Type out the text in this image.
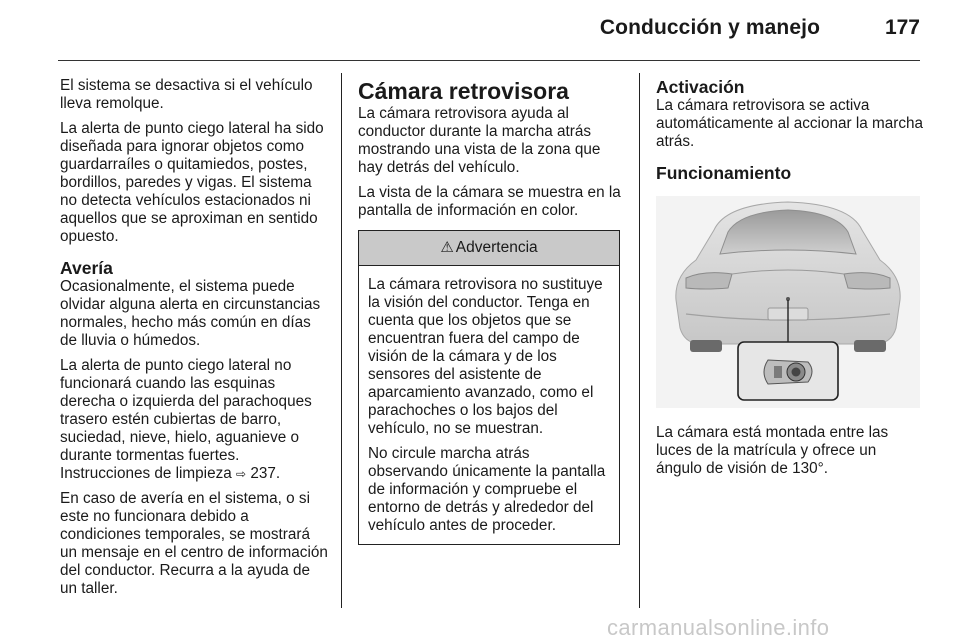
Conducción y manejo	177

El sistema se desactiva si el vehículo lleva remolque.

La alerta de punto ciego lateral ha sido diseñada para ignorar objetos como guardarraíles o quitamiedos, postes, bordillos, paredes y vigas. El sistema no detecta vehículos estacionados ni aquellos que se aproximan en sentido opuesto.

Avería

Ocasionalmente, el sistema puede olvidar alguna alerta en circunstancias normales, hecho más común en días de lluvia o húmedos.

La alerta de punto ciego lateral no funcionará cuando las esquinas derecha o izquierda del parachoques trasero estén cubiertas de barro, suciedad, nieve, hielo, aguanieve o durante tormentas fuertes. Instrucciones de limpieza ⇨ 237.

En caso de avería en el sistema, o si este no funcionara debido a condiciones temporales, se mostrará un mensaje en el centro de información del conductor. Recurra a la ayuda de un taller.

Cámara retrovisora

La cámara retrovisora ayuda al conductor durante la marcha atrás mostrando una vista de la zona que hay detrás del vehículo.

La vista de la cámara se muestra en la pantalla de información en color.

⚠ Advertencia

La cámara retrovisora no sustituye la visión del conductor. Tenga en cuenta que los objetos que se encuentran fuera del campo de visión de la cámara y de los sensores del asistente de aparcamiento avanzado, como el parachoches o los bajos del vehículo, no se muestran.

No circule marcha atrás observando únicamente la pantalla de información y compruebe el entorno de detrás y alrededor del vehículo antes de proceder.

Activación

La cámara retrovisora se activa automáticamente al accionar la marcha atrás.

Funcionamiento

La cámara está montada entre las luces de la matrícula y ofrece un ángulo de visión de 130°.

carmanualsonline.info
